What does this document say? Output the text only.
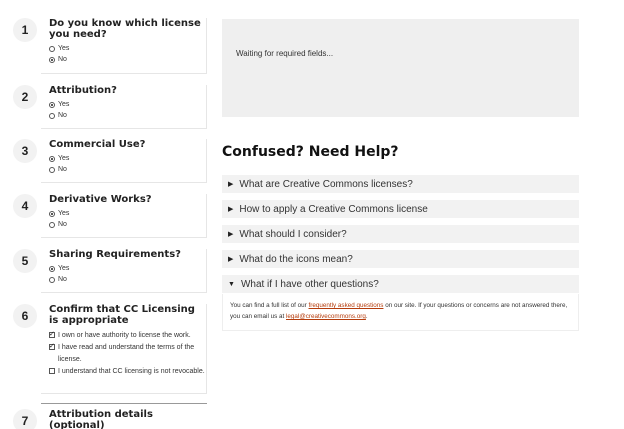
1	Do you know which license you need?
Yes
No
2	Attribution?
Yes
No
3	Commercial Use?
Yes
No
4	Derivative Works?
Yes
No
5	Sharing Requirements?
Yes
No
6	Confirm that CC Licensing is appropriate
✓
I own or have authority to license the work.
✓
I have read and understand the terms of the license.
I understand that CC licensing is not revocable.
7	Attribution details (optional)
Waiting for required fields...
Confused? Need Help?
▶ What are Creative Commons licenses?
▶ How to apply a Creative Commons license
▶ What should I consider?
▶ What do the icons mean?
▼ What if I have other questions?
You can find a full list of our frequently asked questions on our site. If your questions or concerns are not answered there, you can email us at legal@creativecommons.org.
